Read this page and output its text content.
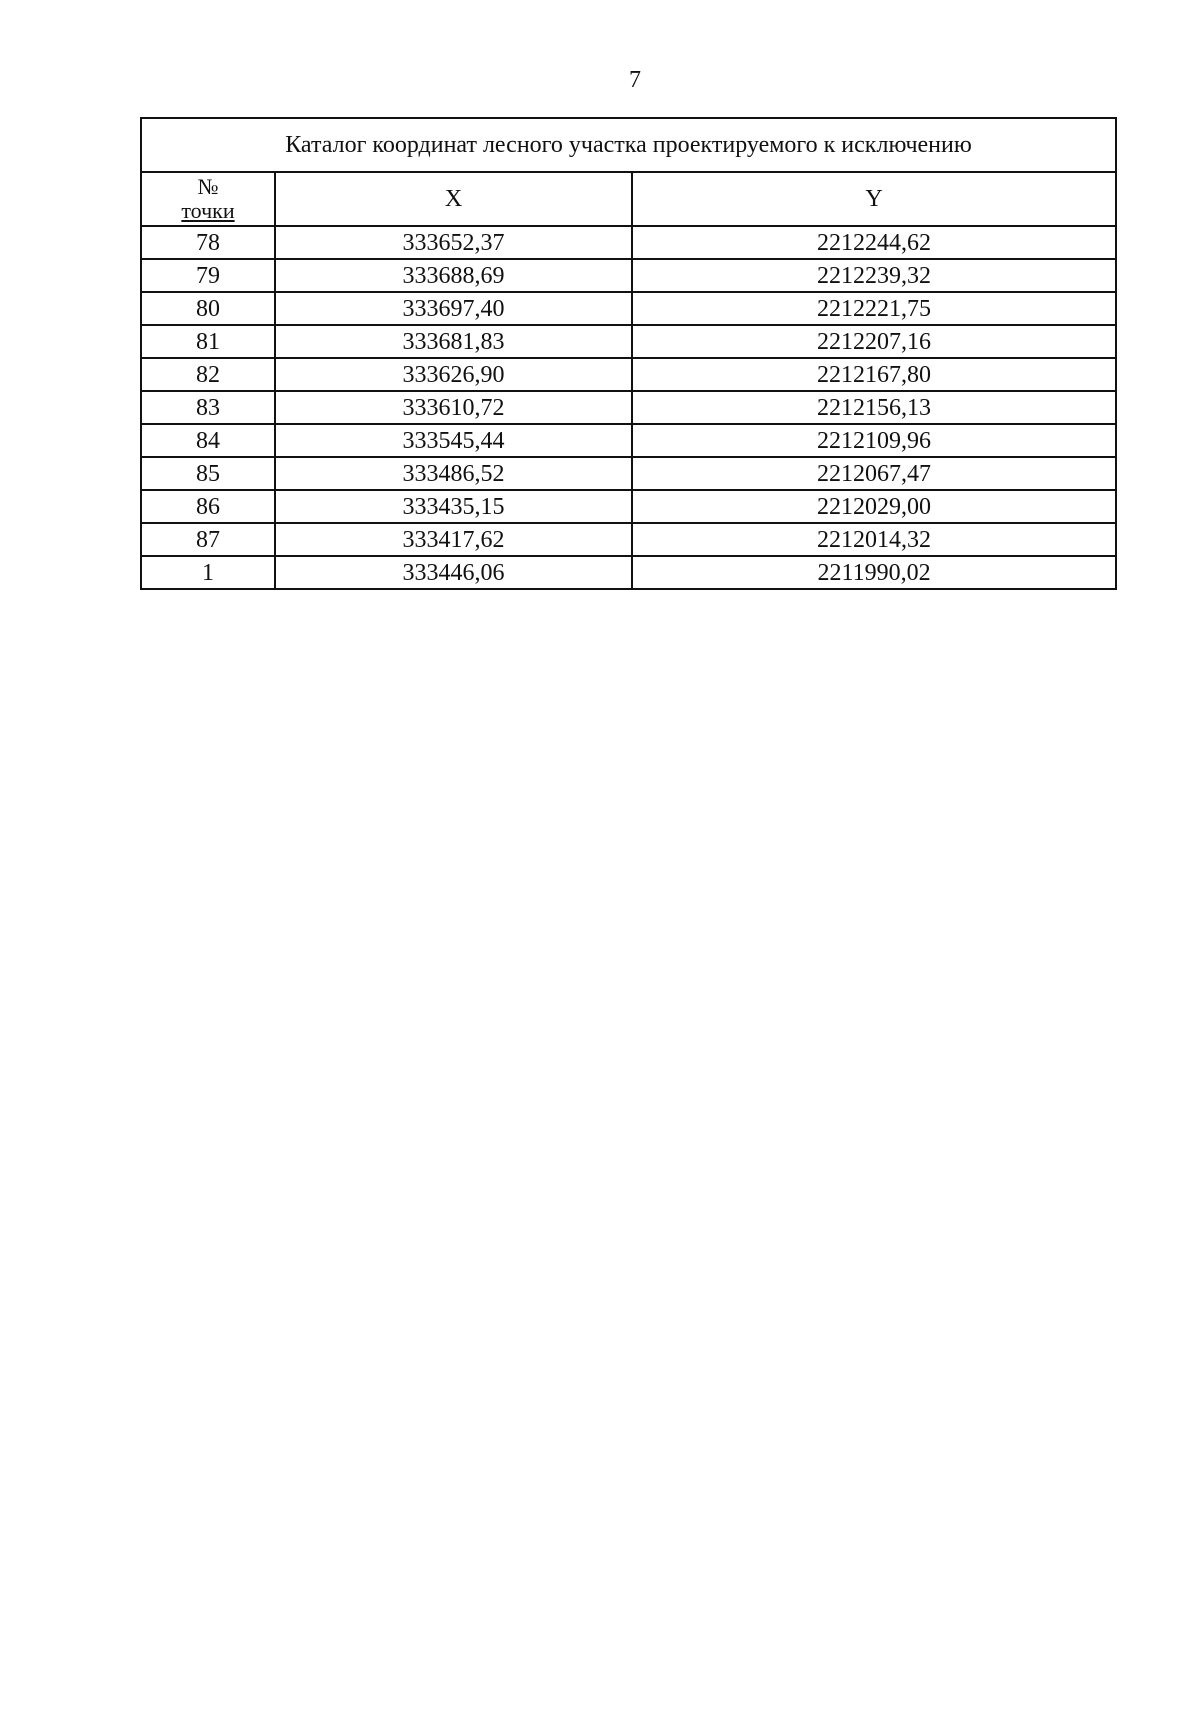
7
Каталог координат лесного участка проектируемого к исключению		

№
точки	X	Y
78	333652,37	2212244,62
79	333688,69	2212239,32
80	333697,40	2212221,75
81	333681,83	2212207,16
82	333626,90	2212167,80
83	333610,72	2212156,13
84	333545,44	2212109,96
85	333486,52	2212067,47
86	333435,15	2212029,00
87	333417,62	2212014,32
1	333446,06	2211990,02
